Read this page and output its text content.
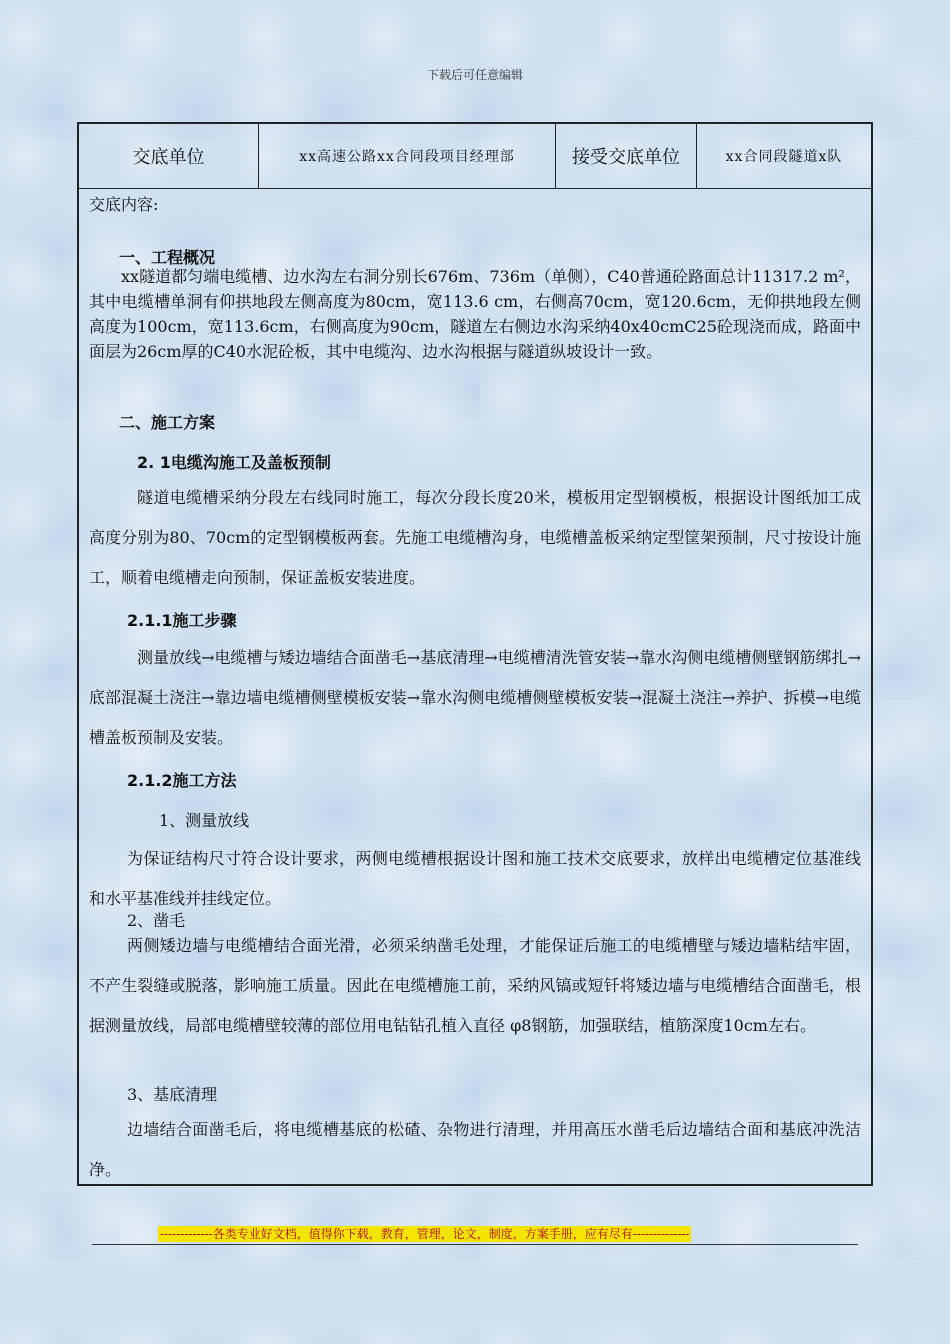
下载后可任意编辑
交底单位	xx高速公路xx合同段项目经理部	接受交底单位	xx合同段隧道x队
交底内容:
一、工程概况
xx隧道都匀端电缆槽、边水沟左右洞分别长676m、736m（单侧），C40普通砼路面总计11317.2 m²，其中电缆槽单洞有仰拱地段左侧高度为80cm，宽113.6 cm，右侧高70cm，宽120.6cm，无仰拱地段左侧高度为100cm，宽113.6cm，右侧高度为90cm，隧道左右侧边水沟采纳40x40cmC25砼现浇而成，路面中面层为26cm厚的C40水泥砼板，其中电缆沟、边水沟根据与隧道纵坡设计一致。
二、施工方案
2. 1电缆沟施工及盖板预制
隧道电缆槽采纳分段左右线同时施工，每次分段长度20米，模板用定型钢模板，根据设计图纸加工成高度分别为80、70cm的定型钢模板两套。先施工电缆槽沟身，电缆槽盖板采纳定型筐架预制，尺寸按设计施工，顺着电缆槽走向预制，保证盖板安装进度。
2.1.1施工步骤
测量放线→电缆槽与矮边墙结合面凿毛→基底清理→电缆槽清洗管安装→靠水沟侧电缆槽侧壁钢筋绑扎→底部混凝土浇注→靠边墙电缆槽侧壁模板安装→靠水沟侧电缆槽侧壁模板安装→混凝土浇注→养护、拆模→电缆槽盖板预制及安装。
2.1.2施工方法
1、测量放线
为保证结构尺寸符合设计要求，两侧电缆槽根据设计图和施工技术交底要求，放样出电缆槽定位基准线和水平基准线并挂线定位。
2、凿毛
两侧矮边墙与电缆槽结合面光滑，必须采纳凿毛处理，才能保证后施工的电缆槽壁与矮边墙粘结牢固，不产生裂缝或脱落，影响施工质量。因此在电缆槽施工前，采纳风镐或短钎将矮边墙与电缆槽结合面凿毛，根据测量放线，局部电缆槽壁较薄的部位用电钻钻孔植入直径 φ8钢筋，加强联结，植筋深度10cm左右。
3、基底清理
边墙结合面凿毛后，将电缆槽基底的松碴、杂物进行清理，并用高压水凿毛后边墙结合面和基底冲洗洁净。
-------------各类专业好文档，值得你下载，教育，管理，论文，制度，方案手册，应有尽有--------------
